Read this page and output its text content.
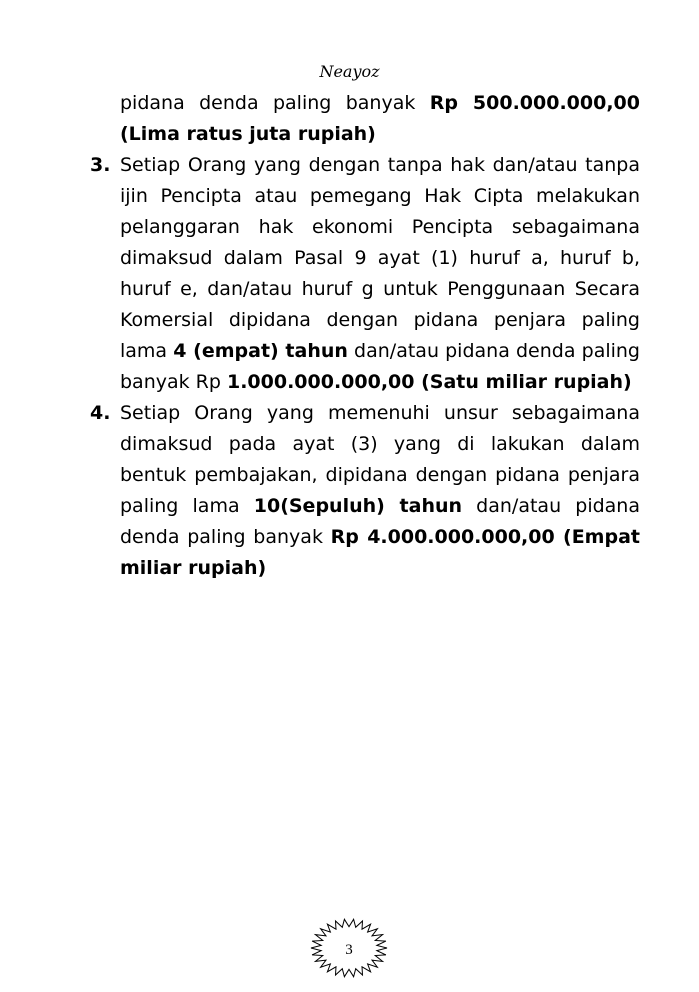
Neayoz

pidana denda paling banyak Rp 500.000.000,00 (Lima ratus juta rupiah)

3. Setiap Orang yang dengan tanpa hak dan/atau tanpa ijin Pencipta atau pemegang Hak Cipta melakukan pelanggaran hak ekonomi Pencipta sebagaimana dimaksud dalam Pasal 9 ayat (1) huruf a, huruf b, huruf e, dan/atau huruf g untuk Penggunaan Secara Komersial dipidana dengan pidana penjara paling lama 4 (empat) tahun dan/atau pidana denda paling banyak Rp 1.000.000.000,00 (Satu miliar rupiah)

4. Setiap Orang yang memenuhi unsur sebagaimana dimaksud pada ayat (3) yang di lakukan dalam bentuk pembajakan, dipidana dengan pidana penjara paling lama 10(Sepuluh) tahun dan/atau pidana denda paling banyak Rp 4.000.000.000,00 (Empat miliar rupiah)

3
